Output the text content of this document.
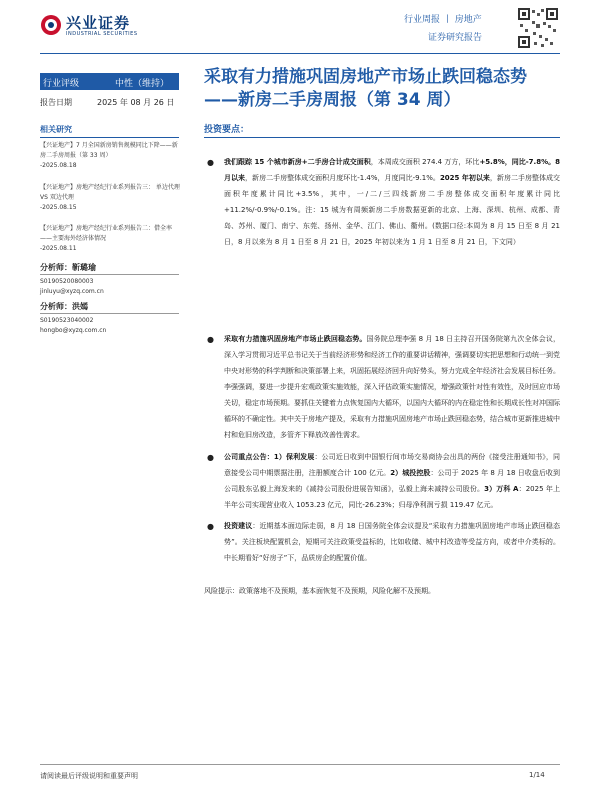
兴业证券
INDUSTRIAL SECURITIES
行业周报 丨 房地产
证券研究报告
采取有力措施巩固房地产市场止跌回稳态势
——新房二手房周报（第 34 周）
行业评级	中性（维持）
报告日期	2025 年 08 月 26 日
相关研究
【兴证地产】7 月全国新房销售规模同比下降——新房二手房周报（第 33 周）
-2025.08.18
【兴证地产】房地产经纪行业系列报告三： 单边代理 VS 双边代理
-2025.08.15
【兴证地产】房地产经纪行业系列报告二：借全率——主要海外经济体情况
-2025.08.11
分析师：靳璐瑜
S0190520080003
jinluyu@xyzq.com.cn
分析师：洪嫣
S0190523040002
hongbo@xyzq.com.cn
投资要点：
● 我们跟踪 15 个城市新房+二手房合计成交面积，本周成交面积 274.4 万方，环比+5.8%，同比-7.8%。8 月以来，新房二手房整体成交面积月度环比-1.4%，月度同比-9.1%。2025 年初以来，新房二手房整体成交面积年度累计同比+3.5%，其中，一/二/三四线新房二手房整体成交面积年度累计同比+11.2%/-0.9%/-0.1%。注：15 城为有周频新房二手房数据更新的北京、上海、深圳、杭州、成都、青岛、苏州、厦门、南宁、东莞、扬州、金华、江门、佛山、衢州。(数据口径:本周为 8 月 15 日至 8 月 21 日，8 月以来为 8 月 1 日至 8 月 21 日，2025 年初以来为 1 月 1 日至 8 月 21 日，下文同）
● 采取有力措施巩固房地产市场止跌回稳态势。国务院总理李强 8 月 18 日主持召开国务院第九次全体会议，深入学习贯彻习近平总书记关于当前经济形势和经济工作的重要讲话精神，强调要切实把思想和行动统一到党中央对形势的科学判断和决策部署上来，巩固拓展经济回升向好势头，努力完成全年经济社会发展目标任务。李强强调，要进一步提升宏观政策实施效能，深入评估政策实施情况，增强政策针对性有效性，及时回应市场关切，稳定市场预期。要抓住关键着力点恢复国内大循环，以国内大循环的内在稳定性和长期成长性对冲国际循环的不确定性。其中关于房地产提及，采取有力措施巩固房地产市场止跌回稳态势，结合城市更新推进城中村和危旧房改造，多管齐下释放改善性需求。
● 公司重点公告：1）保利发展：公司近日收到中国银行间市场交易商协会出具的两份《接受注册通知书》，同意接受公司中期票据注册，注册额度合计 100 亿元。2）城投控股：公司于 2025 年 8 月 18 日收盘后收到公司股东弘毅上海发来的《减持公司股份进展告知函》，弘毅上海未减持公司股份。3）万科 A：2025 年上半年公司实现营业收入 1053.23 亿元，同比-26.23%；归母净利润亏损 119.47 亿元。
● 投资建议：近期基本面边际走弱，8 月 18 日国务院全体会议提及“采取有力措施巩固房地产市场止跌回稳态势”。关注板块配置机会，短期可关注政策受益标的，比如收储、城中村改造等受益方向，或者中介类标的。中长期看好“好房子”下，品质房企的配置价值。
风险提示：政策落地不及预期，基本面恢复不及预期，风险化解不及预期。
请阅读最后评级说明和重要声明	1/14
